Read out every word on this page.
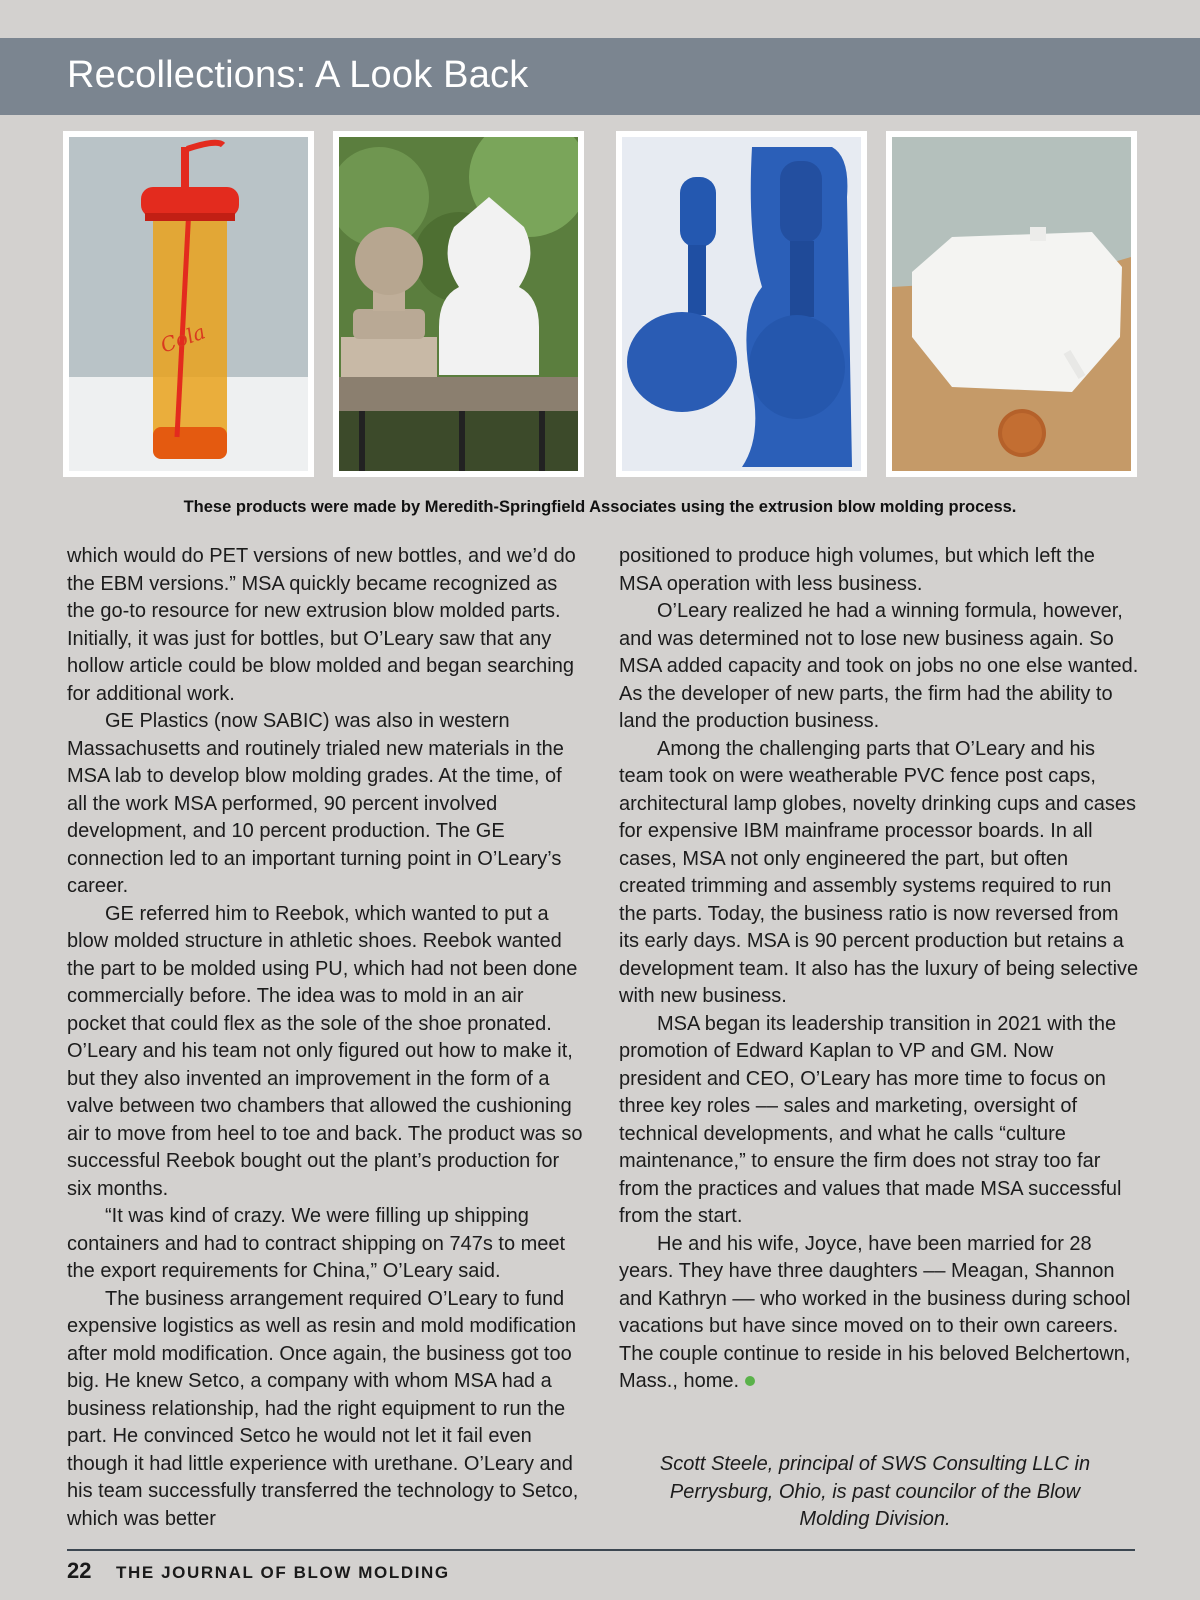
Recollections: A Look Back
Cola
These products were made by Meredith-Springfield Associates using the extrusion blow molding process.

which would do PET versions of new bottles, and we’d do the EBM versions.” MSA quickly became recognized as the go-to resource for new extrusion blow molded parts. Initially, it was just for bottles, but O’Leary saw that any hollow article could be blow molded and began searching for additional work.

GE Plastics (now SABIC) was also in western Massachusetts and routinely trialed new materials in the MSA lab to develop blow molding grades. At the time, of all the work MSA performed, 90 percent involved development, and 10 percent production. The GE connection led to an important turning point in O’Leary’s career.

GE referred him to Reebok, which wanted to put a blow molded structure in athletic shoes. Reebok wanted the part to be molded using PU, which had not been done commercially before. The idea was to mold in an air pocket that could flex as the sole of the shoe pronated. O’Leary and his team not only figured out how to make it, but they also invented an improvement in the form of a valve between two chambers that allowed the cushioning air to move from heel to toe and back. The product was so successful Reebok bought out the plant’s production for six months.

“It was kind of crazy. We were filling up shipping containers and had to contract shipping on 747s to meet the export requirements for China,” O’Leary said.

The business arrangement required O’Leary to fund expensive logistics as well as resin and mold modification after mold modification. Once again, the business got too big. He knew Setco, a company with whom MSA had a business relationship, had the right equipment to run the part. He convinced Setco he would not let it fail even though it had little experience with urethane. O’Leary and his team successfully transferred the technology to Setco, which was better

positioned to produce high volumes, but which left the MSA operation with less business.

O’Leary realized he had a winning formula, however, and was determined not to lose new business again. So MSA added capacity and took on jobs no one else wanted. As the developer of new parts, the firm had the ability to land the production business.

Among the challenging parts that O’Leary and his team took on were weatherable PVC fence post caps, architectural lamp globes, novelty drinking cups and cases for expensive IBM mainframe processor boards. In all cases, MSA not only engineered the part, but often created trimming and assembly systems required to run the parts. Today, the business ratio is now reversed from its early days. MSA is 90 percent production but retains a development team. It also has the luxury of being selective with new business.

MSA began its leadership transition in 2021 with the promotion of Edward Kaplan to VP and GM. Now president and CEO, O’Leary has more time to focus on three key roles –– sales and marketing, oversight of technical developments, and what he calls “culture maintenance,” to ensure the firm does not stray too far from the practices and values that made MSA successful from the start.

He and his wife, Joyce, have been married for 28 years. They have three daughters –– Meagan, Shannon and Kathryn –– who worked in the business during school vacations but have since moved on to their own careers. The couple continue to reside in his beloved Belchertown, Mass., home.

Scott Steele, principal of SWS Consulting LLC in Perrysburg, Ohio, is past councilor of the Blow Molding Division.
22 THE JOURNAL OF BLOW MOLDING
